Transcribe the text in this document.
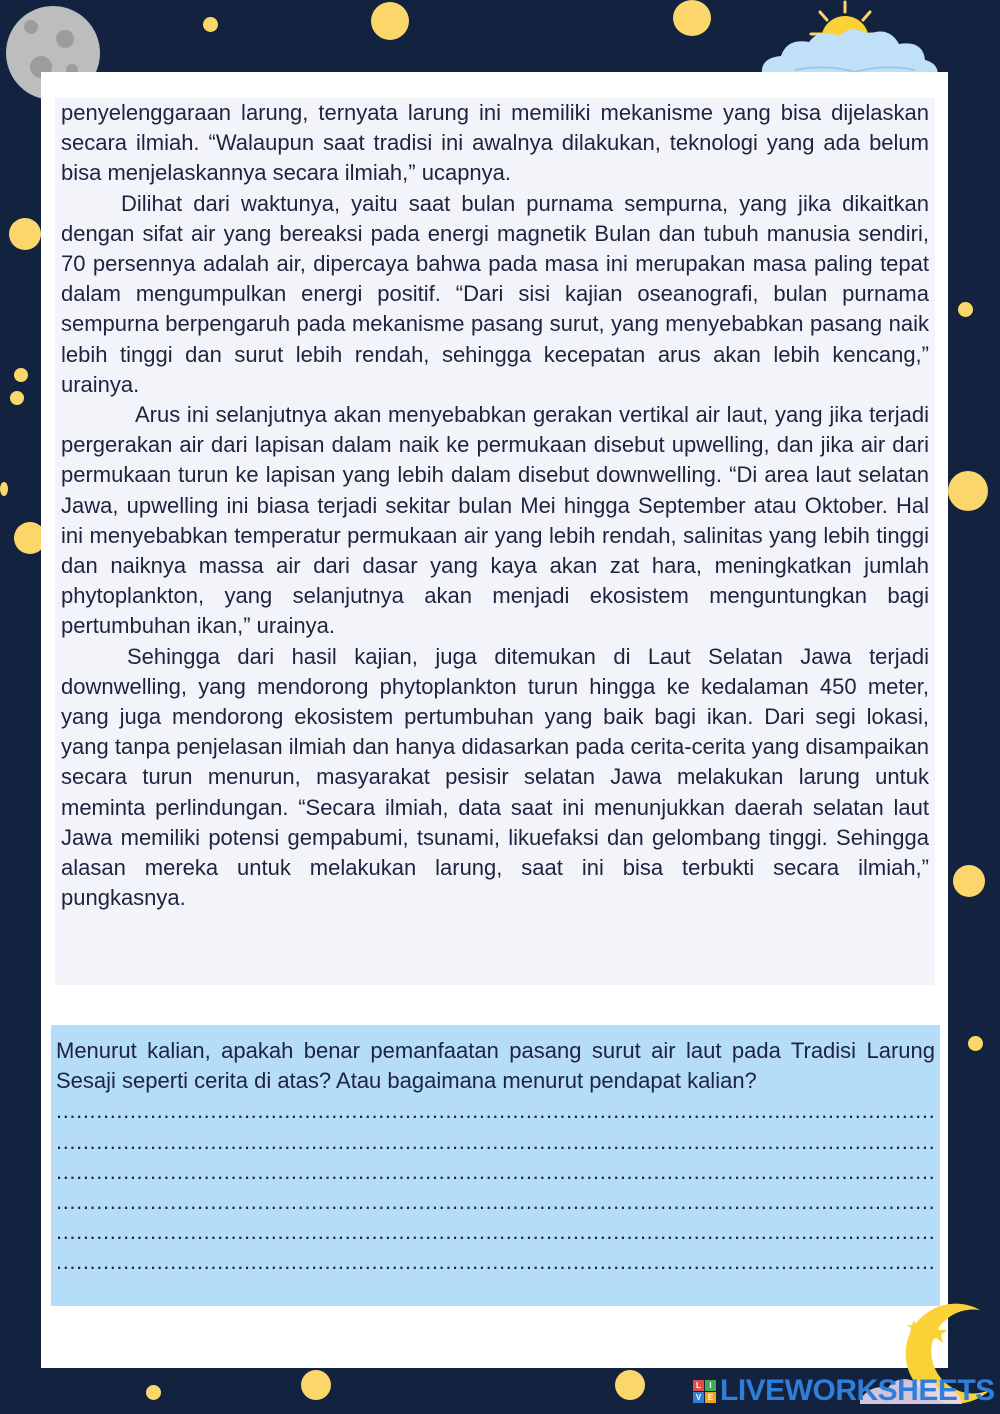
penyelenggaraan larung, ternyata larung ini memiliki mekanisme yang bisa dijelaskan secara ilmiah. “Walaupun saat tradisi ini awalnya dilakukan, teknologi yang ada belum bisa menjelaskannya secara ilmiah,” ucapnya.

Dilihat dari waktunya, yaitu saat bulan purnama sempurna, yang jika dikaitkan dengan sifat air yang bereaksi pada energi magnetik Bulan dan tubuh manusia sendiri, 70 persennya adalah air, dipercaya bahwa pada masa ini merupakan masa paling tepat dalam mengumpulkan energi positif. “Dari sisi kajian oseanografi, bulan purnama sempurna berpengaruh pada mekanisme pasang surut, yang menyebabkan pasang naik lebih tinggi dan surut lebih rendah, sehingga kecepatan arus akan lebih kencang,” urainya.

Arus ini selanjutnya akan menyebabkan gerakan vertikal air laut, yang jika terjadi pergerakan air dari lapisan dalam naik ke permukaan disebut upwelling, dan jika air dari permukaan turun ke lapisan yang lebih dalam disebut downwelling. “Di area laut selatan Jawa, upwelling ini biasa terjadi sekitar bulan Mei hingga September atau Oktober. Hal ini menyebabkan temperatur permukaan air yang lebih rendah, salinitas yang lebih tinggi dan naiknya massa air dari dasar yang kaya akan zat hara, meningkatkan jumlah phytoplankton, yang selanjutnya akan menjadi ekosistem menguntungkan bagi pertumbuhan ikan,” urainya.

Sehingga dari hasil kajian, juga ditemukan di Laut Selatan Jawa terjadi downwelling, yang mendorong phytoplankton turun hingga ke kedalaman 450 meter, yang juga mendorong ekosistem pertumbuhan yang baik bagi ikan. Dari segi lokasi, yang tanpa penjelasan ilmiah dan hanya didasarkan pada cerita-cerita yang disampaikan secara turun menurun, masyarakat pesisir selatan Jawa melakukan larung untuk meminta perlindungan. “Secara ilmiah, data saat ini menunjukkan daerah selatan laut Jawa memiliki potensi gempabumi, tsunami, likuefaksi dan gelombang tinggi. Sehingga alasan mereka untuk melakukan larung, saat ini bisa terbukti secara ilmiah,” pungkasnya.

Menurut kalian, apakah benar pemanfaatan pasang surut air laut pada Tradisi Larung Sesaji seperti cerita di atas? Atau bagaimana menurut pendapat kalian?

.....
.....
.....
.....
.....
.....
L	I
V E LIVEWORKSHEETS
